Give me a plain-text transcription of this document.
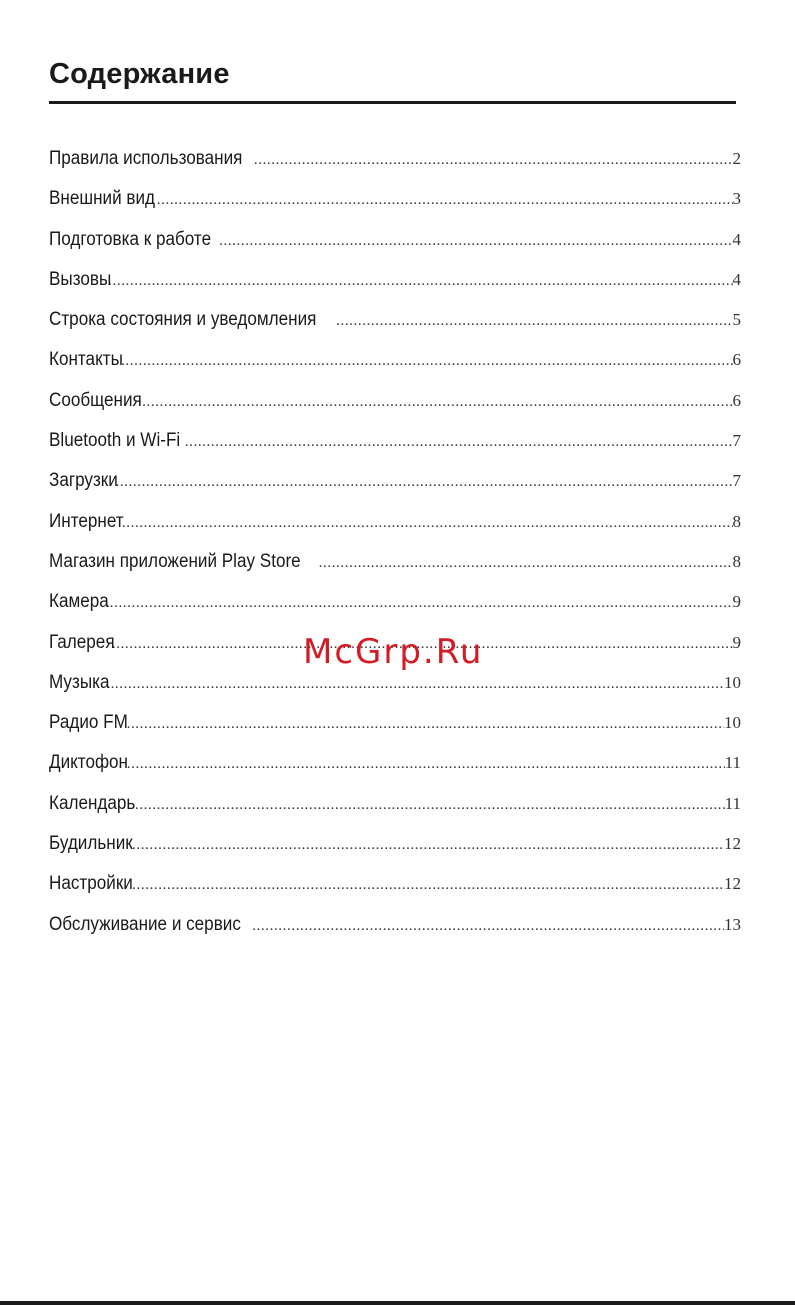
Содержание
Правила использования .....	2
Внешний вид .....	3
Подготовка к работе .....	4
Вызовы .....	4
Строка состояния и уведомления .....	5
Контакты .....	6
Сообщения .....	6
Bluetooth и Wi-Fi .....	7
Загрузки .....	7
Интернет .....	8
Магазин приложений Play Store .....	8
Камера .....	9
Галерея .....	9
Музыка .....	10
Радио FM .....	10
Диктофон .....	11
Календарь .....	11
Будильник .....	12
Настройки .....	12
Обслуживание и сервис .....	13

McGrp.Ru
